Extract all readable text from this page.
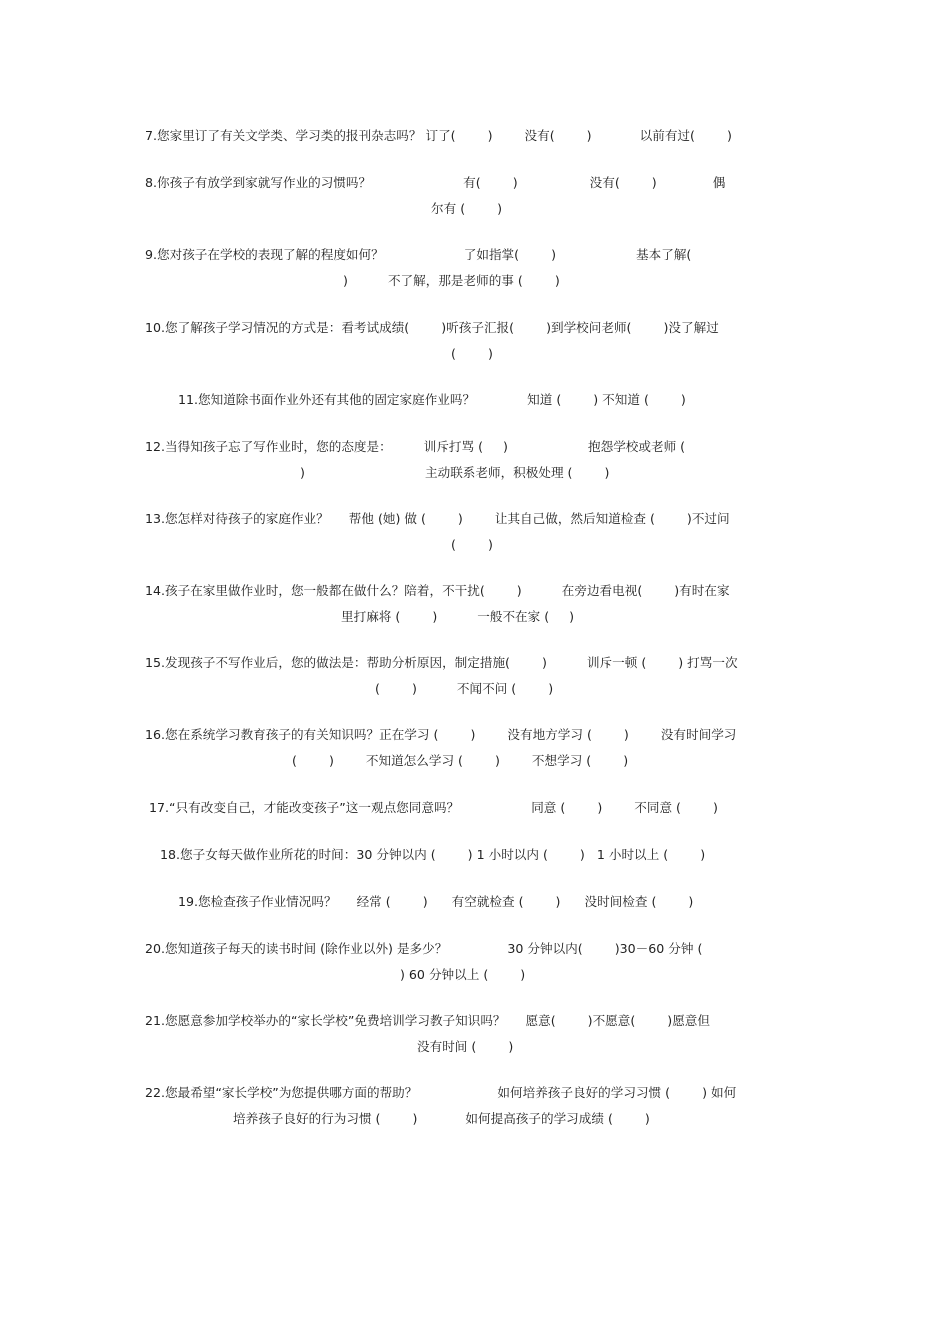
7.您家里订了有关文学类、学习类的报刊杂志吗？ 订了(        )        没有(        )            以前有过(        )
8.你孩子有放学到家就写作业的习惯吗？                       有(        )                  没有(        )              偶
尔有 (        )
9.您对孩子在学校的表现了解的程度如何？                    了如指掌(        )                    基本了解(
)          不了解，那是老师的事 (        )
10.您了解孩子学习情况的方式是：看考试成绩(        )听孩子汇报(        )到学校问老师(        )没了解过
(        )
11.您知道除书面作业外还有其他的固定家庭作业吗？             知道 (        ) 不知道 (        )
12.当得知孩子忘了写作业时，您的态度是：        训斥打骂 (     )                    抱怨学校或老师 (
)                              主动联系老师，积极处理 (        )
13.您怎样对待孩子的家庭作业？     帮他 (她) 做 (        )        让其自己做，然后知道检查 (        )不过问
(        )
14.孩子在家里做作业时，您一般都在做什么？陪着，不干扰(        )          在旁边看电视(        )有时在家
里打麻将 (        )          一般不在家 (     )
15.发现孩子不写作业后，您的做法是：帮助分析原因，制定措施(        )          训斥一顿 (        ) 打骂一次
(        )          不闻不问 (        )
16.您在系统学习教育孩子的有关知识吗？正在学习 (        )        没有地方学习 (        )        没有时间学习
(        )        不知道怎么学习 (        )        不想学习 (        )
17.“只有改变自己，才能改变孩子”这一观点您同意吗？                  同意 (        )        不同意 (        )
18.您子女每天做作业所花的时间：30 分钟以内 (        ) 1 小时以内 (        )   1 小时以上 (        )
19.您检查孩子作业情况吗？     经常 (        )      有空就检查 (        )      没时间检查 (        )
20.您知道孩子每天的读书时间 (除作业以外) 是多少？               30 分钟以内(        )30－60 分钟 (
) 60 分钟以上 (        )
21.您愿意参加学校举办的“家长学校”免费培训学习教子知识吗？     愿意(        )不愿意(        )愿意但
没有时间 (        )
22.您最希望“家长学校”为您提供哪方面的帮助？                    如何培养孩子良好的学习习惯 (        ) 如何
培养孩子良好的行为习惯 (        )            如何提高孩子的学习成绩 (        )
